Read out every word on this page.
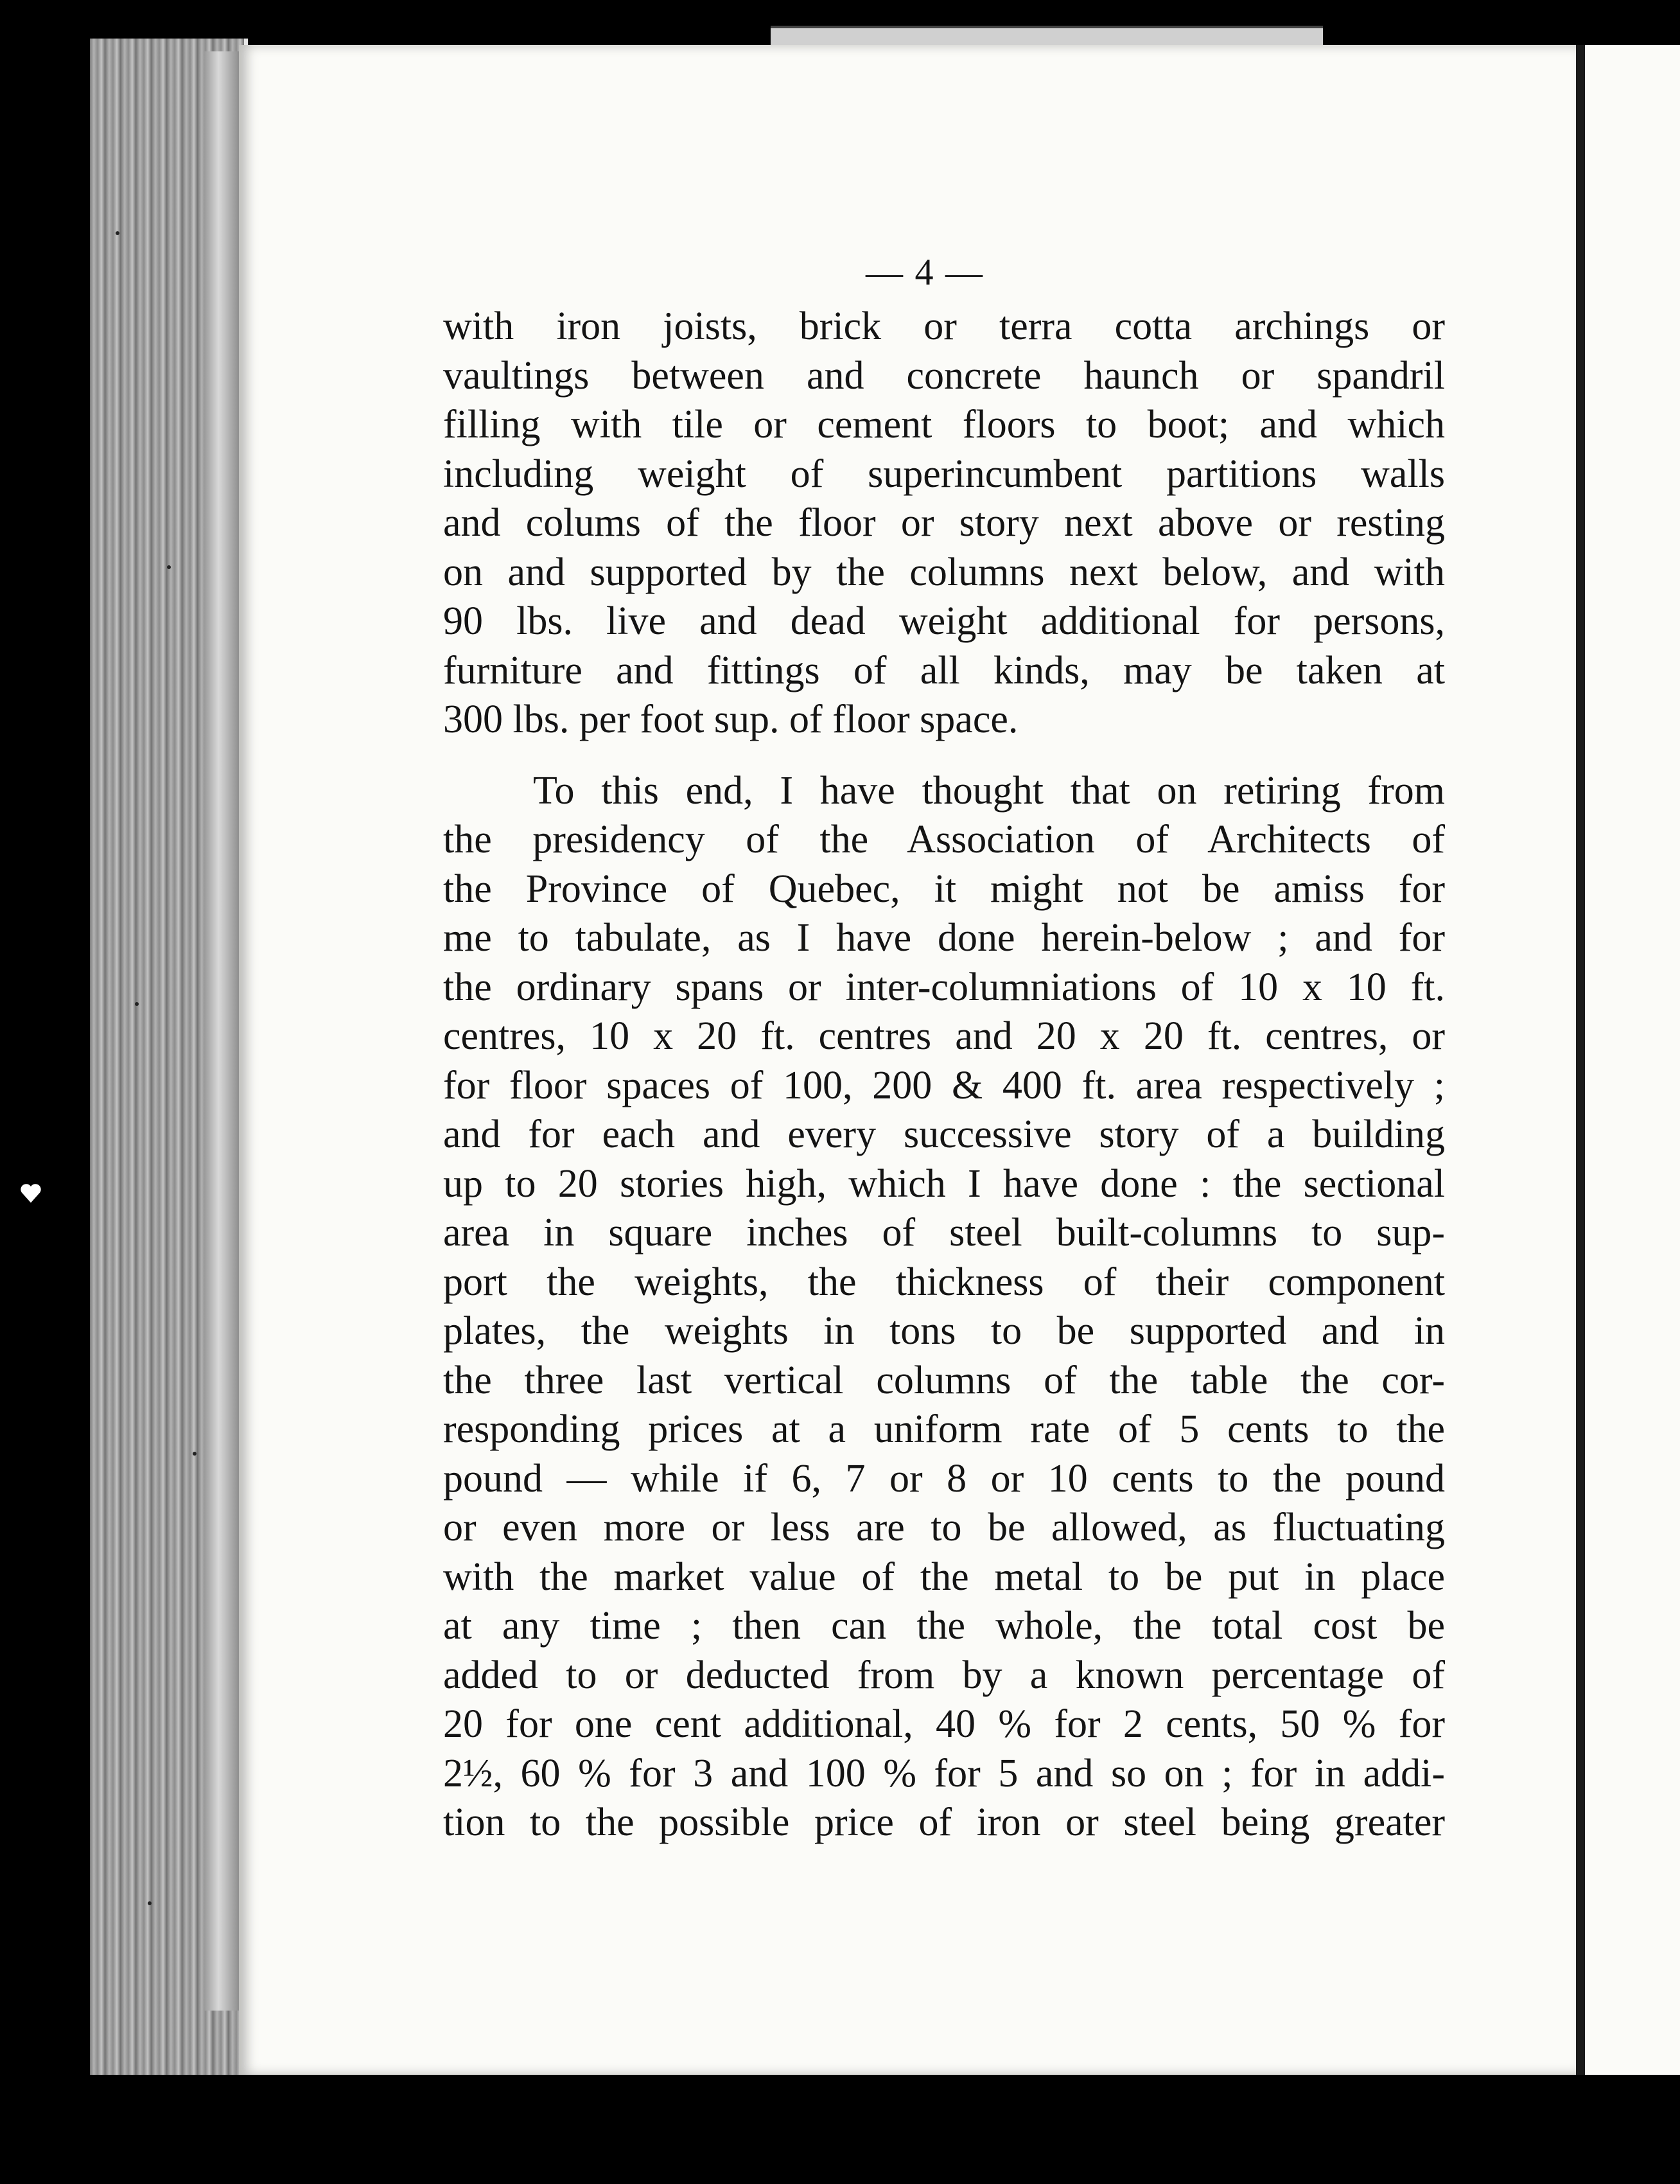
— 4 —
with iron joists, brick or terra cotta archings or
vaultings between and concrete haunch or spandril
filling with tile or cement floors to boot; and which
including weight of superincumbent partitions walls
and colums of the floor or story next above or resting
on and supported by the columns next below, and with
90 lbs. live and dead weight additional for persons,
furniture and fittings of all kinds, may be taken at
300 lbs. per foot sup. of floor space.
To this end, I have thought that on retiring from
the presidency of the Association of Architects of
the Province of Quebec, it might not be amiss for
me to tabulate, as I have done herein-below ; and for
the ordinary spans or inter-columniations of 10 x 10 ft.
centres, 10 x 20 ft. centres and 20 x 20 ft. centres, or
for floor spaces of 100, 200 & 400 ft. area respectively ;
and for each and every successive story of a building
up to 20 stories high, which I have done : the sectional
area in square inches of steel built-columns to sup-
port the weights, the thickness of their component
plates, the weights in tons to be supported and in
the three last vertical columns of the table the cor-
responding prices at a uniform rate of 5 cents to the
pound — while if 6, 7 or 8 or 10 cents to the pound
or even more or less are to be allowed, as fluctuating
with the market value of the metal to be put in place
at any time ; then can the whole, the total cost be
added to or deducted from by a known percentage of
20 for one cent additional, 40 % for 2 cents, 50 % for
2½, 60 % for 3 and 100 % for 5 and so on ; for in addi-
tion to the possible price of iron or steel being greater
